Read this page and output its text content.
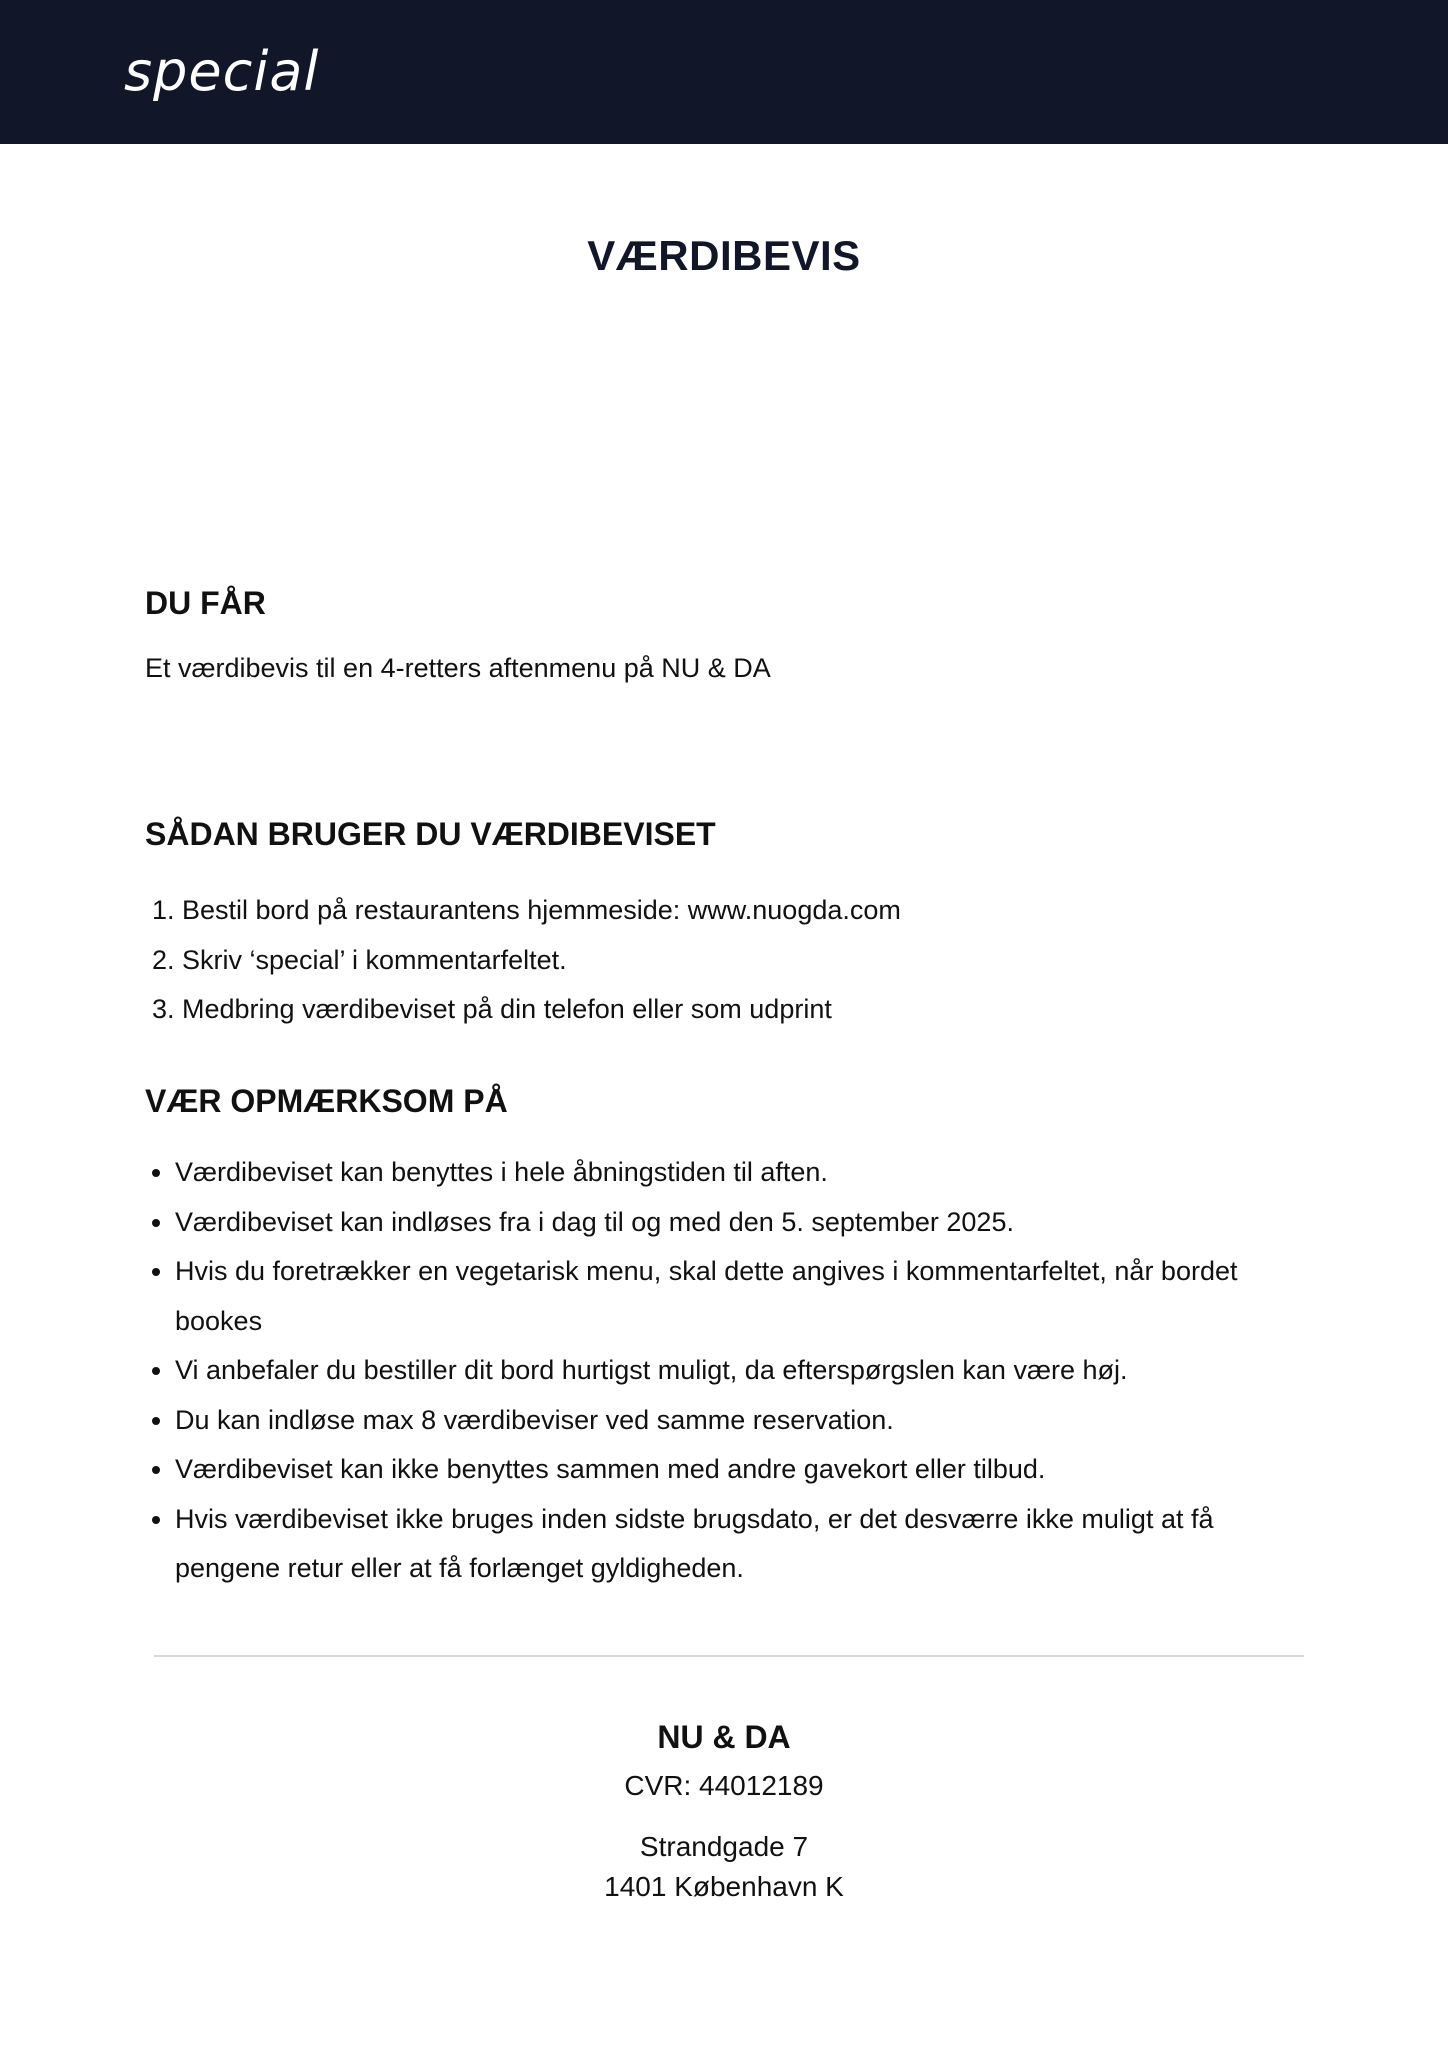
special
VÆRDIBEVIS
DU FÅR
Et værdibevis til en 4-retters aftenmenu på NU & DA
SÅDAN BRUGER DU VÆRDIBEVISET
1. Bestil bord på restaurantens hjemmeside: www.nuogda.com
2. Skriv ‘special’ i kommentarfeltet.
3. Medbring værdibeviset på din telefon eller som udprint
VÆR OPMÆRKSOM PÅ
• Værdibeviset kan benyttes i hele åbningstiden til aften.
• Værdibeviset kan indløses fra i dag til og med den 5. september 2025.
• Hvis du foretrækker en vegetarisk menu, skal dette angives i kommentarfeltet, når bordet bookes
• Vi anbefaler du bestiller dit bord hurtigst muligt, da efterspørgslen kan være høj.
• Du kan indløse max 8 værdibeviser ved samme reservation.
• Værdibeviset kan ikke benyttes sammen med andre gavekort eller tilbud.
• Hvis værdibeviset ikke bruges inden sidste brugsdato, er det desværre ikke muligt at få pengene retur eller at få forlænget gyldigheden.
NU & DA
CVR: 44012189
Strandgade 7
1401 København K
